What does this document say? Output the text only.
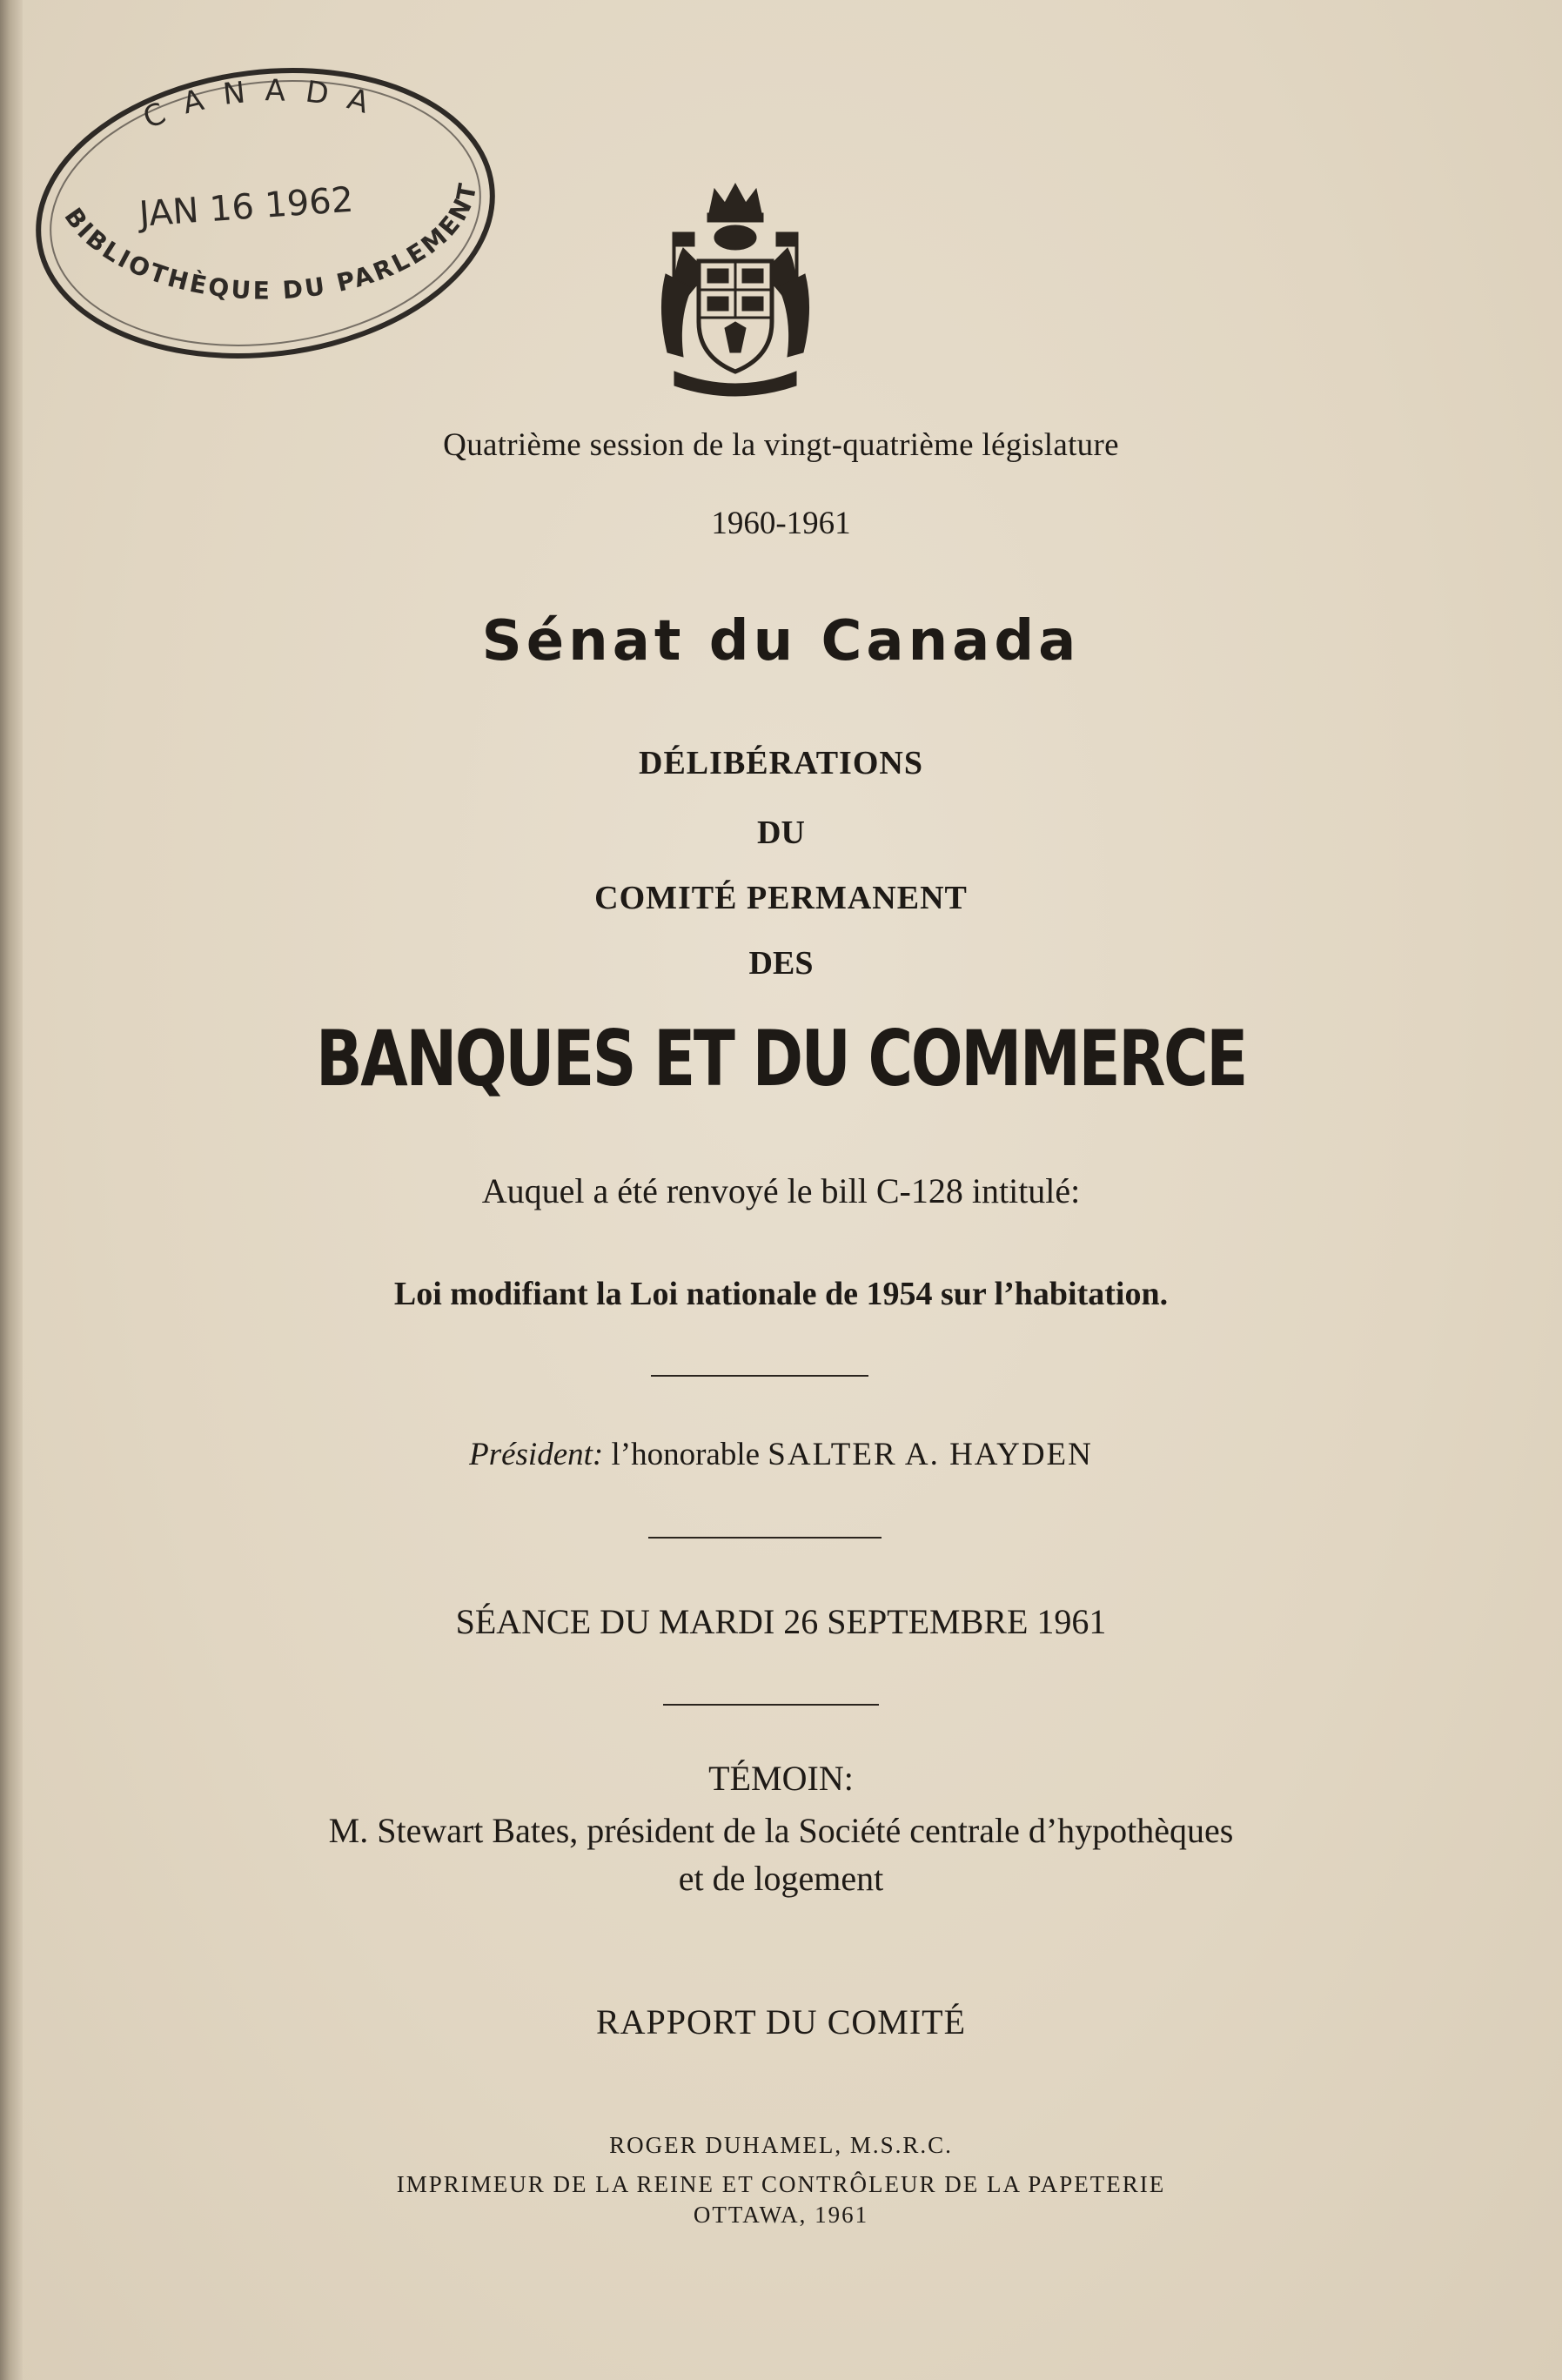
CANADA
JAN 16 1962
BIBLIOTHÈQUE DU PARLEMENT
Quatrième session de la vingt-quatrième législature
1960-1961
Sénat du Canada
DÉLIBÉRATIONS
DU
COMITÉ PERMANENT
DES
BANQUES ET DU COMMERCE
Auquel a été renvoyé le bill C-128 intitulé:
Loi modifiant la Loi nationale de 1954 sur l’habitation.
Président: l’honorable SALTER A. HAYDEN
SÉANCE DU MARDI 26 SEPTEMBRE 1961
TÉMOIN:
M. Stewart Bates, président de la Société centrale d’hypothèques
et de logement
RAPPORT DU COMITÉ
ROGER DUHAMEL, M.S.R.C.
IMPRIMEUR DE LA REINE ET CONTRÔLEUR DE LA PAPETERIE
OTTAWA, 1961
